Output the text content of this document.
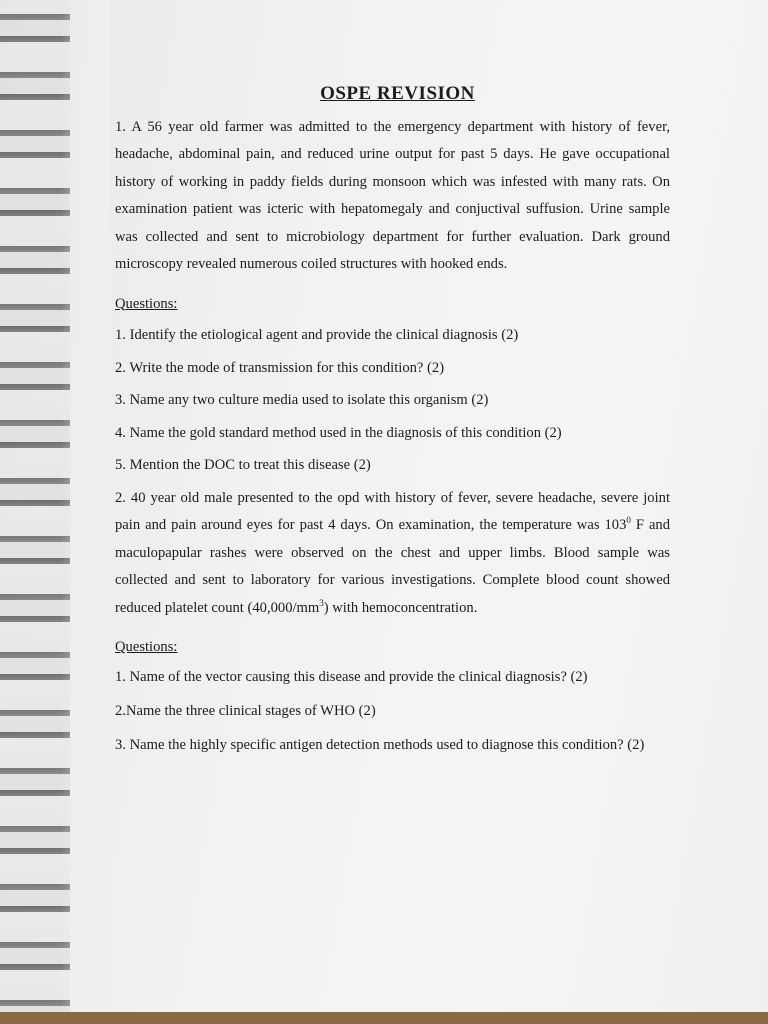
OSPE REVISION

1. A 56 year old farmer was admitted to the emergency department with history of fever, headache, abdominal pain, and reduced urine output for past 5 days. He gave occupational history of working in paddy fields during monsoon which was infested with many rats. On examination patient was icteric with hepatomegaly and conjuctival suffusion. Urine sample was collected and sent to microbiology department for further evaluation. Dark ground microscopy revealed numerous coiled structures with hooked ends.

Questions:
1. Identify the etiological agent and provide the clinical diagnosis (2)
2. Write the mode of transmission for this condition? (2)
3. Name any two culture media used to isolate this organism (2)
4. Name the gold standard method used in the diagnosis of this condition (2)
5. Mention the DOC to treat this disease (2)

2. 40 year old male presented to the opd with history of fever, severe headache, severe joint pain and pain around eyes for past 4 days. On examination, the temperature was $103^0$ F and maculopapular rashes were observed on the chest and upper limbs. Blood sample was collected and sent to laboratory for various investigations. Complete blood count showed reduced platelet count $(40,000/mm^3)$ with hemoconcentration.

Questions:
1. Name of the vector causing this disease and provide the clinical diagnosis? (2)
2.Name the three clinical stages of WHO (2)
3. Name the highly specific antigen detection methods used to diagnose this condition? (2)
